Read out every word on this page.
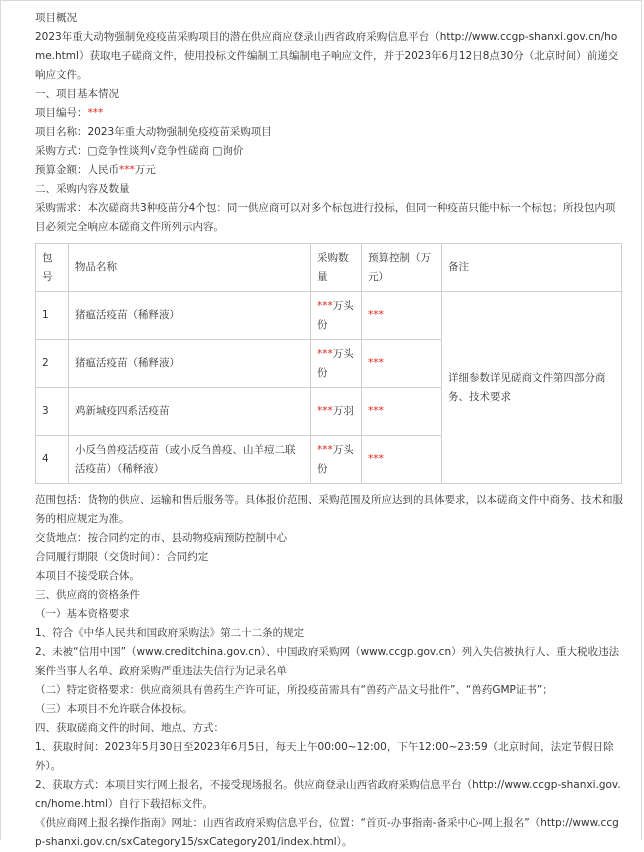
项目概况

2023年重大动物强制免疫疫苗采购项目的潜在供应商应登录山西省政府采购信息平台（http://www.ccgp-shanxi.gov.cn/home.html）获取电子磋商文件，使用投标文件编制工具编制电子响应文件，并于2023年6月12日8点30分（北京时间）前递交响应文件。

一、项目基本情况

项目编号：***

项目名称：2023年重大动物强制免疫疫苗采购项目

采购方式：□竞争性谈判√竞争性磋商 □询价

预算金额：人民币***万元

二、采购内容及数量

采购需求：本次磋商共3种疫苗分4个包：同一供应商可以对多个标包进行投标，但同一种疫苗只能中标一个标包；所投包内项目必须完全响应本磋商文件所列示内容。

包号	物品名称	采购数量	预算控制（万元）	备注
1	猪瘟活疫苗（稀释液）	***万头份	***	详细参数详见磋商文件第四部分商务、技术要求
2	猪瘟活疫苗（稀释液）	***万头份	***	
3	鸡新城疫四系活疫苗	***万羽	***	
4	小反刍兽疫活疫苗（或小反刍兽疫、山羊痘二联活疫苗）（稀释液）	***万头份	***	

范围包括：货物的供应、运输和售后服务等。具体报价范围、采购范围及所应达到的具体要求，以本磋商文件中商务、技术和服务的相应规定为准。

交货地点：按合同约定的市、县动物疫病预防控制中心

合同履行期限（交货时间）：合同约定

本项目不接受联合体。

三、供应商的资格条件

（一）基本资格要求

1、符合《中华人民共和国政府采购法》第二十二条的规定

2、未被“信用中国”（www.creditchina.gov.cn）、中国政府采购网（www.ccgp.gov.cn）列入失信被执行人、重大税收违法案件当事人名单、政府采购严重违法失信行为记录名单

（二）特定资格要求：供应商须具有兽药生产许可证，所投疫苗需具有“兽药产品文号批件”、“兽药GMP证书”；

（三）本项目不允许联合体投标。

四、获取磋商文件的时间、地点、方式：

1、获取时间：2023年5月30日至2023年6月5日，每天上午00:00~12:00，下午12:00~23:59（北京时间，法定节假日除外）。

2、获取方式：本项目实行网上报名，不接受现场报名。供应商登录山西省政府采购信息平台（http://www.ccgp-shanxi.gov.cn/home.html）自行下载招标文件。

《供应商网上报名操作指南》网址：山西省政府采购信息平台，位置：“首页-办事指南-备采中心-网上报名”（http://www.ccgp-shanxi.gov.cn/sxCategory15/sxCategory201/index.html）。
